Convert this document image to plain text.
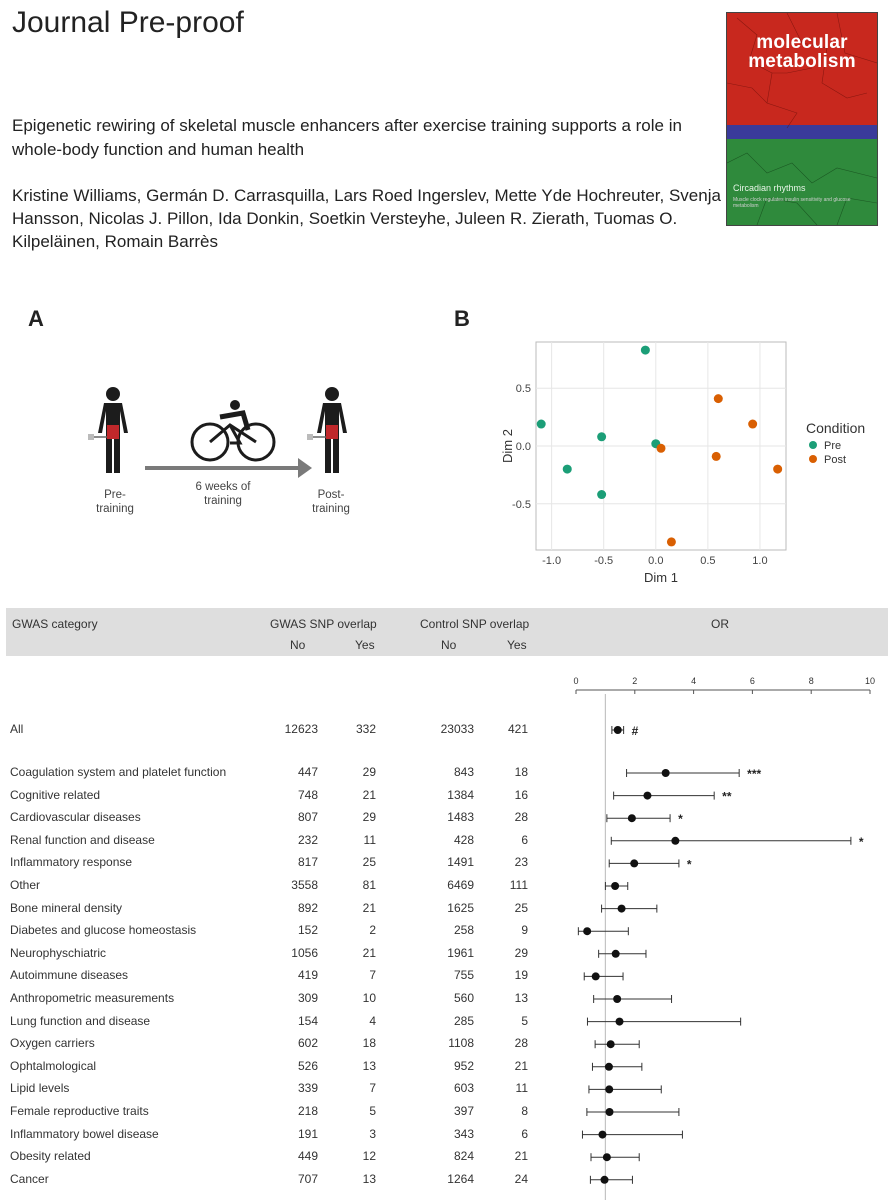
Journal Pre-proof
Epigenetic rewiring of skeletal muscle enhancers after exercise training supports a role in whole-body function and human health
Kristine Williams, Germán D. Carrasquilla, Lars Roed Ingerslev, Mette Yde Hochreuter, Svenja Hansson, Nicolas J. Pillon, Ida Donkin, Soetkin Versteyhe, Juleen R. Zierath, Tuomas O. Kilpeläinen, Romain Barrès
molecular
metabolism
Circadian rhythms
Muscle clock regulates insulin sensitivity and glucose metabolism
A
Pre-
training
6 weeks of
training	Post-
training
B
-1.0	-0.5	0.0	0.5	1.0
-0.5
0.0
0.5
Dim 1
Dim 2
Condition
Pre
Post
GWAS category	GWAS SNP overlap	Control SNP overlap	OR
No	Yes	No	Yes
All	12623	332	23033	421
Coagulation system and platelet function	447	29	843	18
Cognitive related	748	21	1384	16
Cardiovascular diseases	807	29	1483	28
Renal function and disease	232	11	428	6
Inflammatory response	817	25	1491	23
Other	3558	81	6469	111
Bone mineral density	892	21	1625	25
Diabetes and glucose homeostasis	152	2	258	9
Neurophyschiatric	1056	21	1961	29
Autoimmune diseases	419	7	755	19
Anthropometric measurements	309	10	560	13
Lung function and disease	154	4	285	5
Oxygen carriers	602	18	1108	28
Ophtalmological	526	13	952	21
Lipid levels	339	7	603	11
Female reproductive traits	218	5	397	8
Inflammatory bowel disease	191	3	343	6
Obesity related	449	12	824	21
Cancer	707	13	1264	24
0	2	4	6	8	10
#
***
**
*
*
*
